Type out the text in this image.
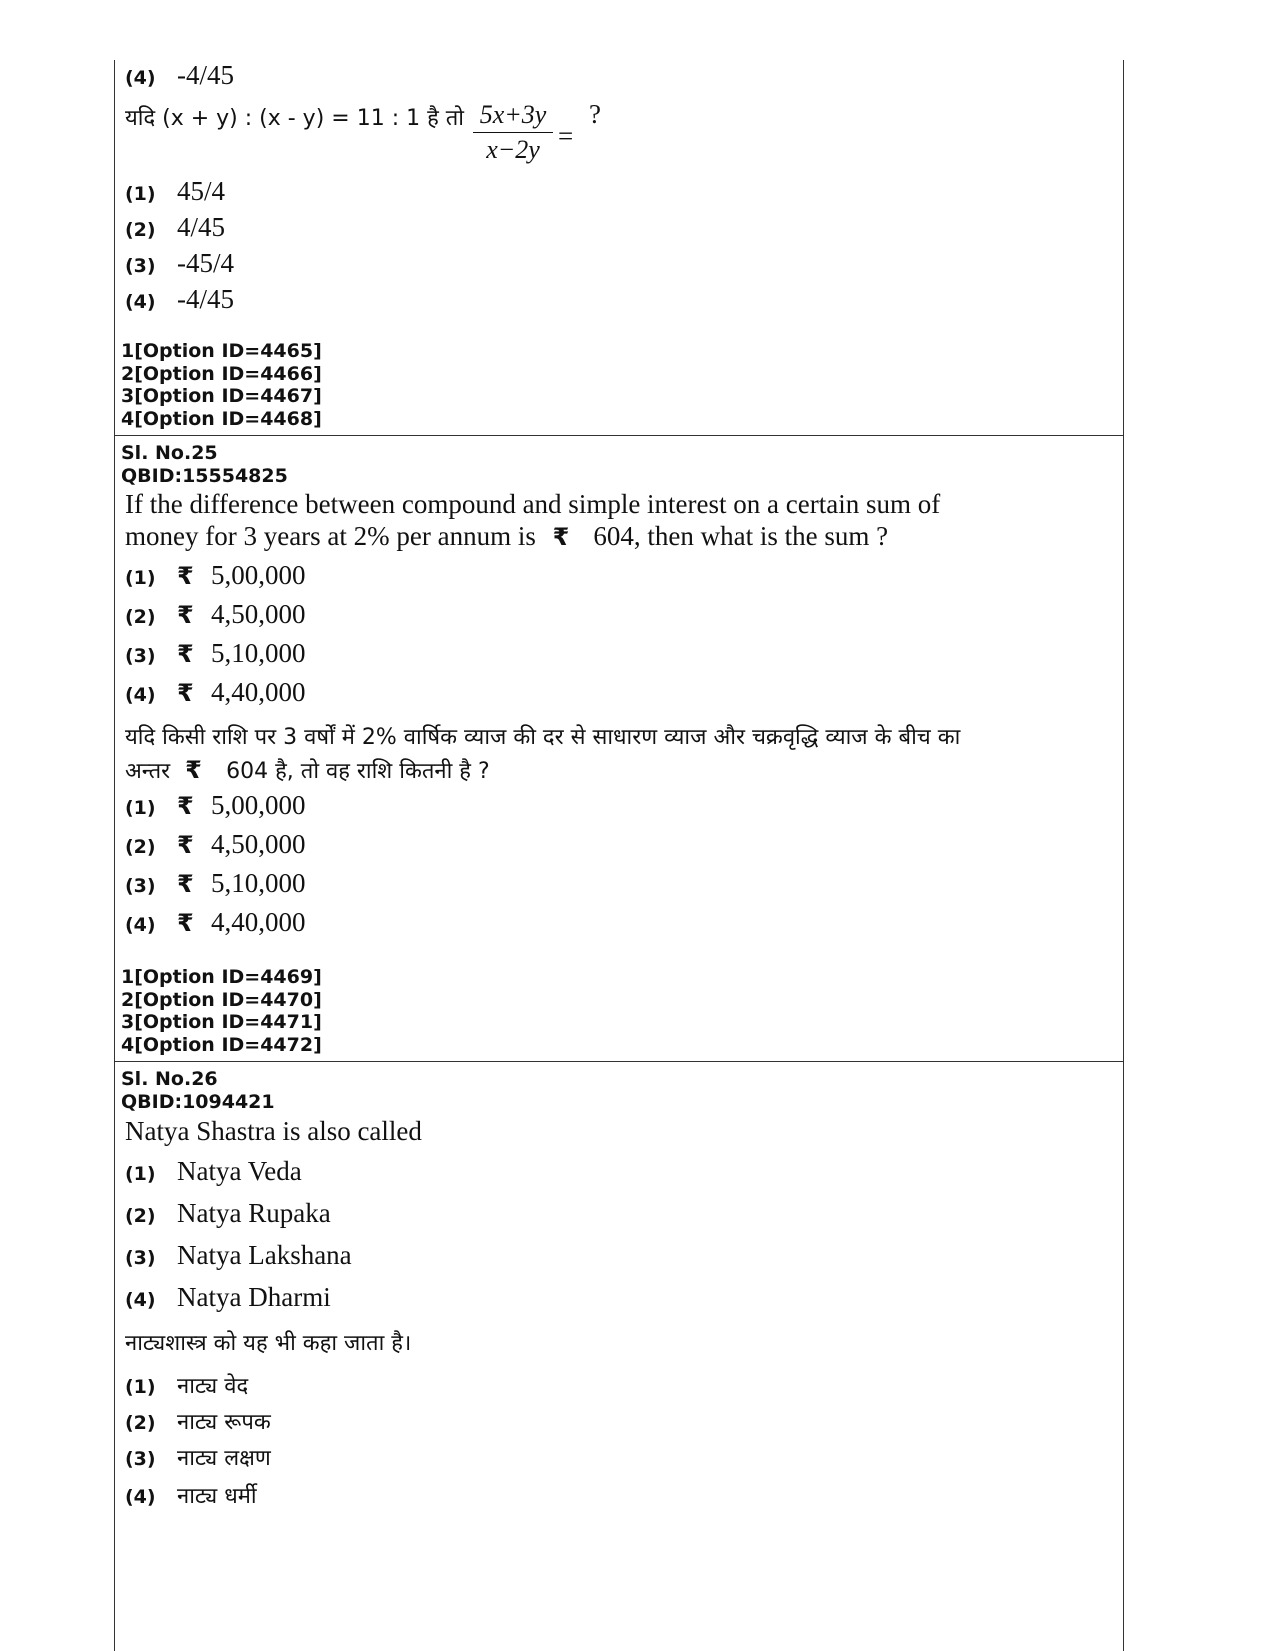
(4) -4/45
यदि (x + y) : (x - y) = 11 : 1 है तो 5x+3y
x−2y =
?
(1) 45/4
(2) 4/45
(3) -45/4
(4) -4/45
1[Option ID=4465]
2[Option ID=4466]
3[Option ID=4467]
4[Option ID=4468]
Sl. No.25
QBID:15554825
If the difference between compound and simple interest on a certain sum of
money for 3 years at 2% per annum is ₹ 604, then what is the sum ?
(1) ₹ 5,00,000
(2) ₹ 4,50,000
(3) ₹ 5,10,000
(4) ₹ 4,40,000
यदि किसी राशि पर 3 वर्षों में 2% वार्षिक व्याज की दर से साधारण व्याज और चक्रवृद्धि व्याज के बीच का
अन्तर ₹ 604 है, तो वह राशि कितनी है ?
(1) ₹ 5,00,000
(2) ₹ 4,50,000
(3) ₹ 5,10,000
(4) ₹ 4,40,000
1[Option ID=4469]
2[Option ID=4470]
3[Option ID=4471]
4[Option ID=4472]
Sl. No.26
QBID:1094421
Natya Shastra is also called
(1) Natya Veda
(2) Natya Rupaka
(3) Natya Lakshana
(4) Natya Dharmi
नाट्यशास्त्र को यह भी कहा जाता है।
(1) नाट्य वेद
(2) नाट्य रूपक
(3) नाट्य लक्षण
(4) नाट्य धर्मी
